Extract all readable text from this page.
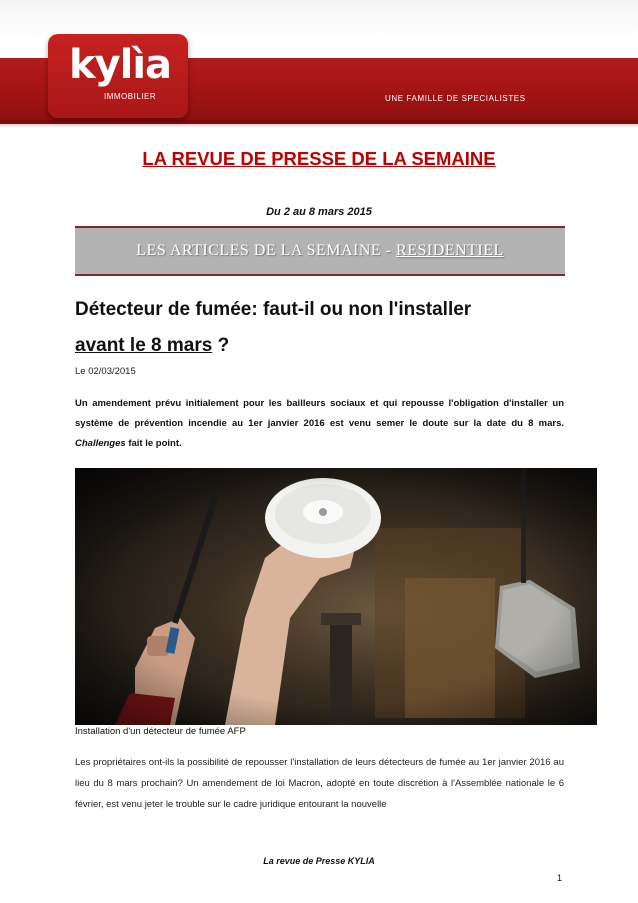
kylìa
IMMOBILIER	UNE FAMILLE DE SPECIALISTES
LA REVUE DE PRESSE DE LA SEMAINE
Du 2 au 8 mars 2015
LES ARTICLES DE LA SEMAINE - RESIDENTIEL
Détecteur de fumée: faut-il ou non l'installer
avant le 8 mars ?
Le 02/03/2015
Un amendement prévu initialement pour les bailleurs sociaux et qui repousse l'obligation d'installer un système de prévention incendie au 1er janvier 2016 est venu semer le doute sur la date du 8 mars. Challenges fait le point.
Installation d'un détecteur de fumée AFP
Les propriétaires ont-ils la possibilité de repousser l'installation de leurs détecteurs de fumée au 1er janvier 2016 au lieu du 8 mars prochain? Un amendement de loi Macron, adopté en toute discrétion à l'Assemblée nationale le 6 février, est venu jeter le trouble sur le cadre juridique entourant la nouvelle
La revue de Presse KYLIA
1
